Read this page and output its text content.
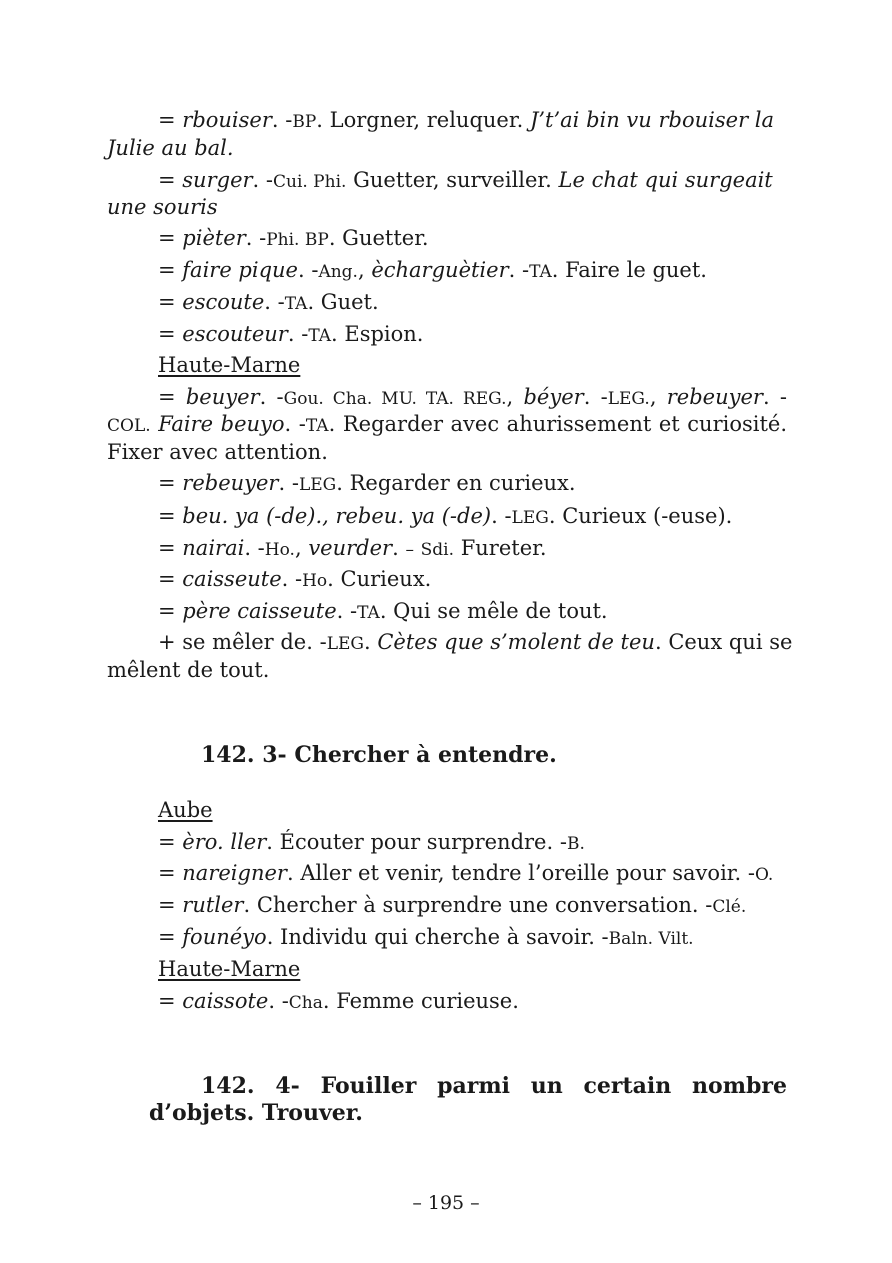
= rbouiser. -BP. Lorgner, reluquer. J’t’ai bin vu rbouiser la
Julie au bal.
= surger. -Cui. Phi. Guetter, surveiller. Le chat qui surgeait
une souris
= pièter. -Phi. BP. Guetter.
= faire pique. -Ang., ècharguètier. -TA. Faire le guet.
= escoute. -TA. Guet.
= escouteur. -TA. Espion.
Haute-Marne
= beuyer. -Gou. Cha. MU. TA. REG., béyer. -LEG., rebeuyer. -
COL. Faire beuyo. -TA. Regarder avec ahurissement et curiosité.
Fixer avec attention.
= rebeuyer. -LEG. Regarder en curieux.
= beu. ya (-de)., rebeu. ya (-de). -LEG. Curieux (-euse).
= nairai. -Ho., veurder. – Sdi. Fureter.
= caisseute. -Ho. Curieux.
= père caisseute. -TA. Qui se mêle de tout.
+ se mêler de. -LEG. Cètes que s’molent de teu. Ceux qui se
mêlent de tout.
142. 3- Chercher à entendre.
Aube
= èro. ller. Écouter pour surprendre. -B.
= nareigner. Aller et venir, tendre l’oreille pour savoir. -O.
= rutler. Chercher à surprendre une conversation. -Clé.
= founéyo. Individu qui cherche à savoir. -Baln. Vilt.
Haute-Marne
= caissote. -Cha. Femme curieuse.
142. 4- Fouiller parmi un certain nombre
d’objets. Trouver.
– 195 –
